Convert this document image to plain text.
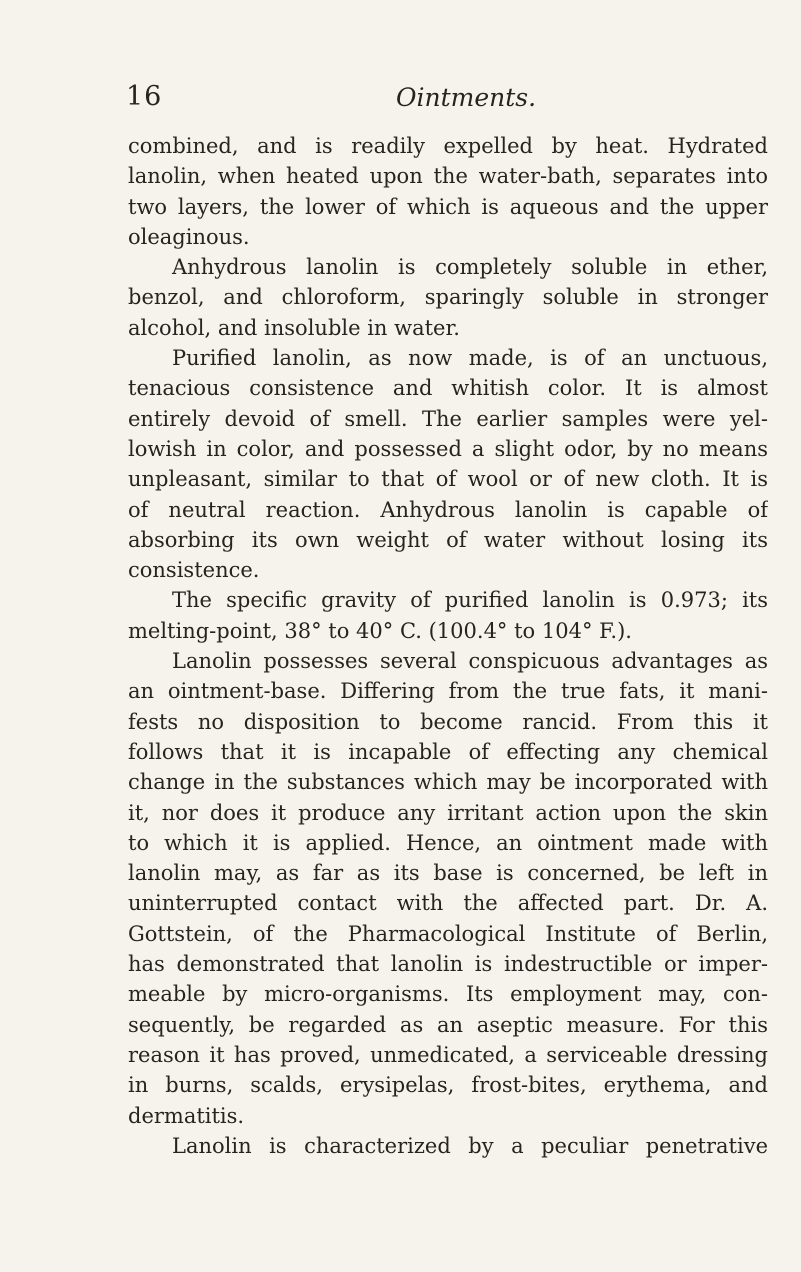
16	Ointments.
combined, and is readily expelled by heat. Hydrated
lanolin, when heated upon the water-bath, separates into
two layers, the lower of which is aqueous and the upper
oleaginous.
Anhydrous lanolin is completely soluble in ether,
benzol, and chloroform, sparingly soluble in stronger
alcohol, and insoluble in water.
Purified lanolin, as now made, is of an unctuous,
tenacious consistence and whitish color. It is almost
entirely devoid of smell. The earlier samples were yel-
lowish in color, and possessed a slight odor, by no means
unpleasant, similar to that of wool or of new cloth. It is
of neutral reaction. Anhydrous lanolin is capable of
absorbing its own weight of water without losing its
consistence.
The specific gravity of purified lanolin is 0.973; its
melting-point, 38° to 40° C. (100.4° to 104° F.).
Lanolin possesses several conspicuous advantages as
an ointment-base. Differing from the true fats, it mani-
fests no disposition to become rancid. From this it
follows that it is incapable of effecting any chemical
change in the substances which may be incorporated with
it, nor does it produce any irritant action upon the skin
to which it is applied. Hence, an ointment made with
lanolin may, as far as its base is concerned, be left in
uninterrupted contact with the affected part. Dr. A.
Gottstein, of the Pharmacological Institute of Berlin,
has demonstrated that lanolin is indestructible or imper-
meable by micro-organisms. Its employment may, con-
sequently, be regarded as an aseptic measure. For this
reason it has proved, unmedicated, a serviceable dressing
in burns, scalds, erysipelas, frost-bites, erythema, and
dermatitis.
Lanolin is characterized by a peculiar penetrative
